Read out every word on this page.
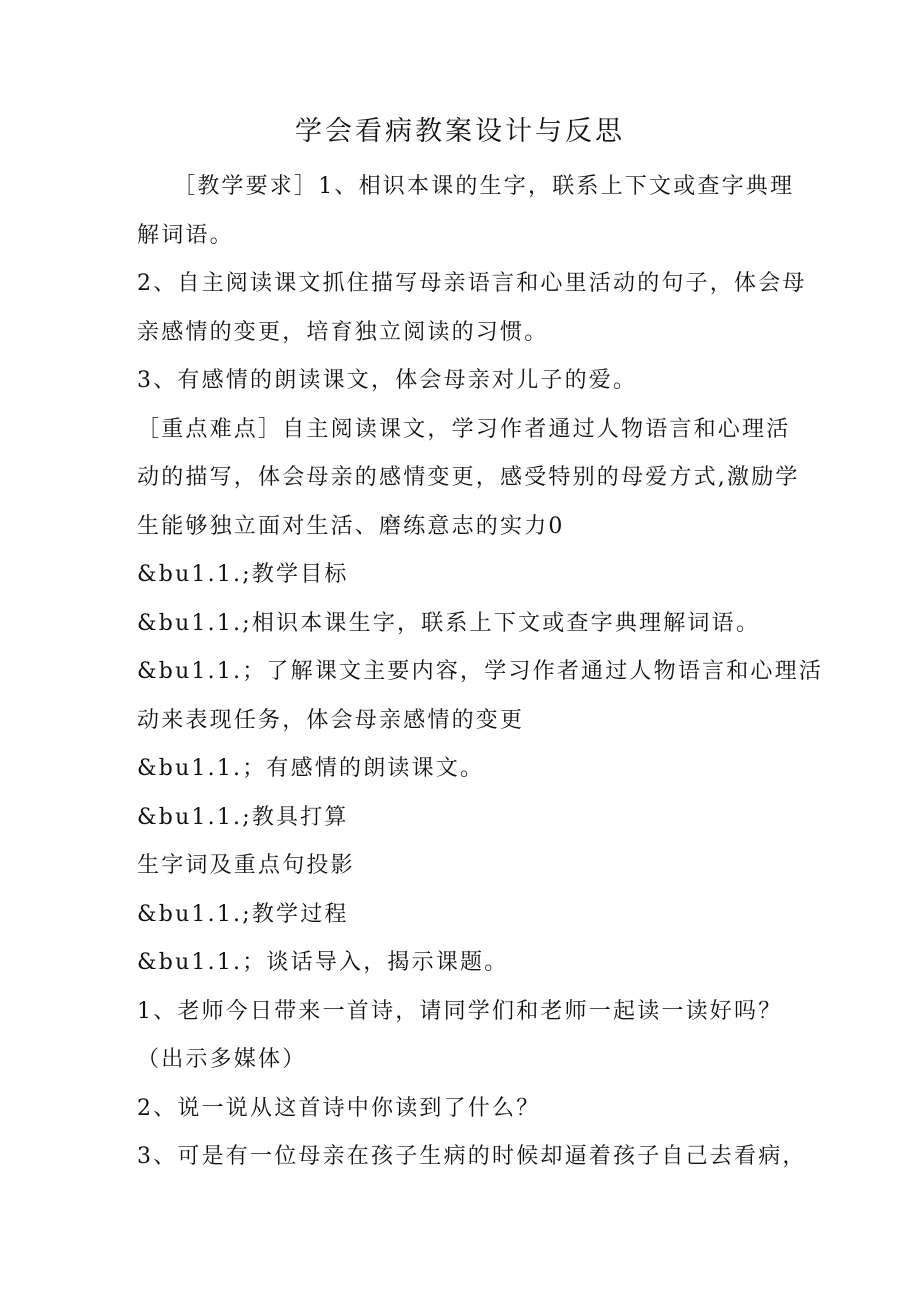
学会看病教案设计与反思
［教学要求］1、相识本课的生字，联系上下文或查字典理
解词语。
2、自主阅读课文抓住描写母亲语言和心里活动的句子，体会母
亲感情的变更，培育独立阅读的习惯。
3、有感情的朗读课文，体会母亲对儿子的爱。
［重点难点］自主阅读课文，学习作者通过人物语言和心理活
动的描写，体会母亲的感情变更，感受特别的母爱方式,激励学
生能够独立面对生活、磨练意志的实力0
&bu1.1.;教学目标
&bu1.1.;相识本课生字，联系上下文或查字典理解词语。
&bu1.1.；了解课文主要内容，学习作者通过人物语言和心理活
动来表现任务，体会母亲感情的变更
&bu1.1.；有感情的朗读课文。
&bu1.1.;教具打算
生字词及重点句投影
&bu1.1.;教学过程
&bu1.1.；谈话导入，揭示课题。
1、老师今日带来一首诗，请同学们和老师一起读一读好吗？
（出示多媒体）
2、说一说从这首诗中你读到了什么？
3、可是有一位母亲在孩子生病的时候却逼着孩子自己去看病，
